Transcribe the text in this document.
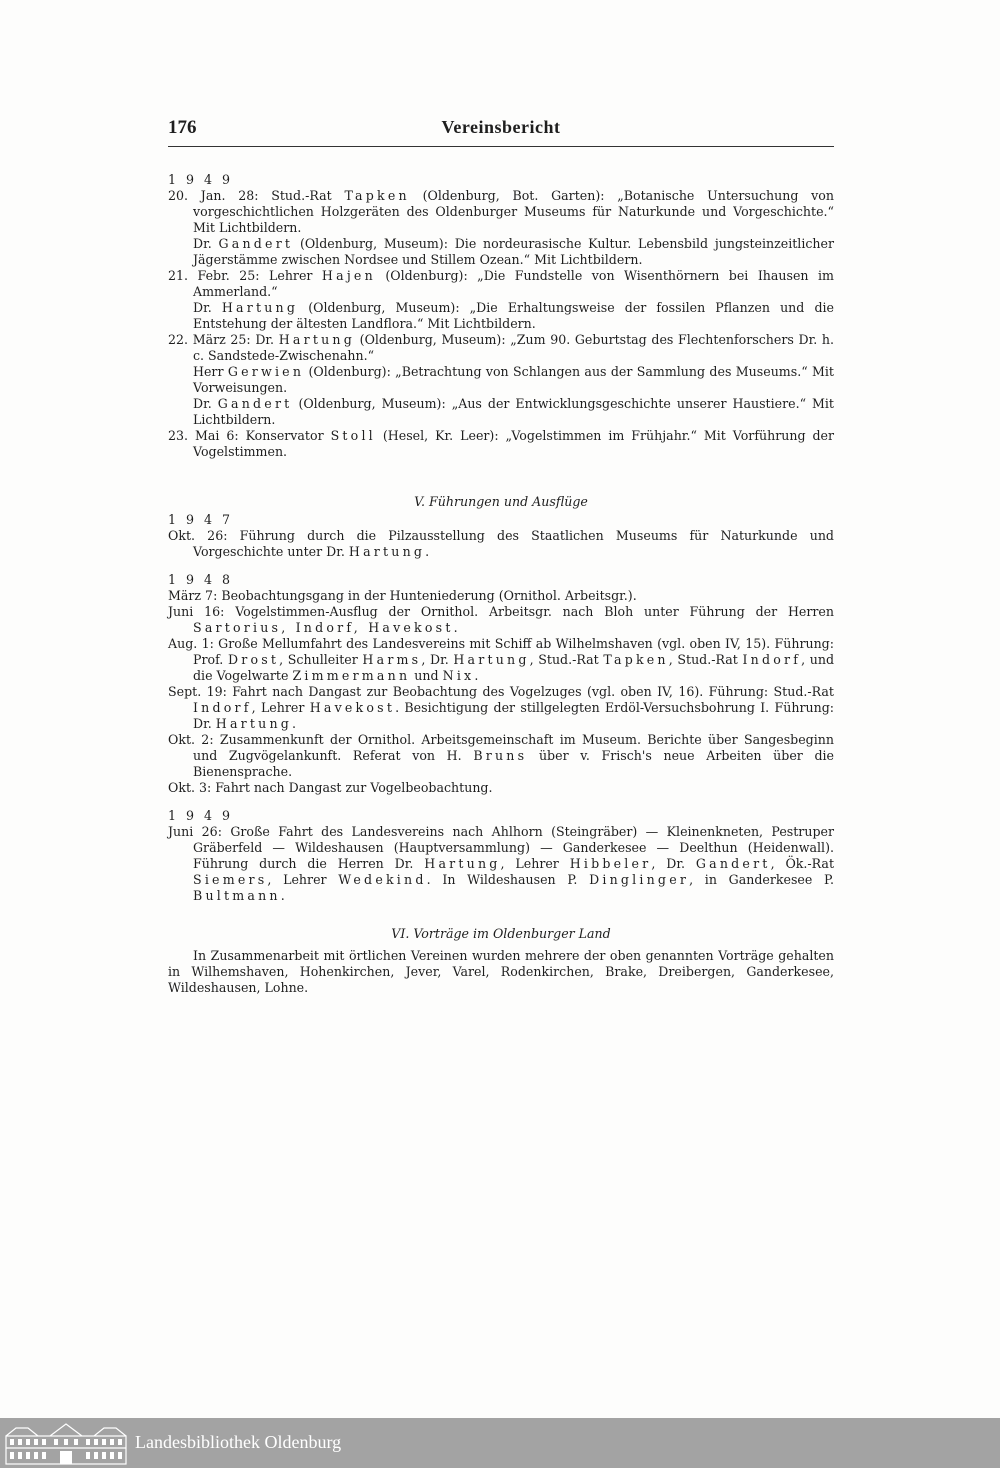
176	Vereinsbericht

1 9 4 9

20. Jan. 28: Stud.-Rat Tapken (Oldenburg, Bot. Garten): „Botanische Untersuchung von vorgeschichtlichen Holzgeräten des Oldenburger Museums für Naturkunde und Vorgeschichte.“ Mit Lichtbildern.

Dr. Gandert (Oldenburg, Museum): Die nordeurasische Kultur. Lebensbild jungsteinzeitlicher Jägerstämme zwischen Nordsee und Stillem Ozean.“ Mit Lichtbildern.

21. Febr. 25: Lehrer Hajen (Oldenburg): „Die Fundstelle von Wisenthörnern bei Ihausen im Ammerland.“

Dr. Hartung (Oldenburg, Museum): „Die Erhaltungsweise der fossilen Pflanzen und die Entstehung der ältesten Landflora.“ Mit Lichtbildern.

22. März 25: Dr. Hartung (Oldenburg, Museum): „Zum 90. Geburtstag des Flechtenforschers Dr. h. c. Sandstede-Zwischenahn.“

Herr Gerwien (Oldenburg): „Betrachtung von Schlangen aus der Sammlung des Museums.“ Mit Vorweisungen.

Dr. Gandert (Oldenburg, Museum): „Aus der Entwicklungsgeschichte unserer Haustiere.“ Mit Lichtbildern.

23. Mai 6: Konservator Stoll (Hesel, Kr. Leer): „Vogelstimmen im Frühjahr.“ Mit Vorführung der Vogelstimmen.

V. Führungen und Ausflüge

1 9 4 7

Okt. 26: Führung durch die Pilzausstellung des Staatlichen Museums für Naturkunde und Vorgeschichte unter Dr. Hartung.

1 9 4 8

März 7: Beobachtungsgang in der Hunteniederung (Ornithol. Arbeitsgr.).

Juni 16: Vogelstimmen-Ausflug der Ornithol. Arbeitsgr. nach Bloh unter Führung der Herren Sartorius, Indorf, Havekost.

Aug. 1: Große Mellumfahrt des Landesvereins mit Schiff ab Wilhelmshaven (vgl. oben IV, 15). Führung: Prof. Drost, Schulleiter Harms, Dr. Hartung, Stud.-Rat Tapken, Stud.-Rat Indorf, und die Vogelwarte Zimmermann und Nix.

Sept. 19: Fahrt nach Dangast zur Beobachtung des Vogelzuges (vgl. oben IV, 16). Führung: Stud.-Rat Indorf, Lehrer Havekost. Besichtigung der stillgelegten Erdöl-Versuchsbohrung I. Führung: Dr. Hartung.

Okt. 2: Zusammenkunft der Ornithol. Arbeitsgemeinschaft im Museum. Berichte über Sangesbeginn und Zugvögelankunft. Referat von H. Bruns über v. Frisch's neue Arbeiten über die Bienensprache.

Okt. 3: Fahrt nach Dangast zur Vogelbeobachtung.

1 9 4 9

Juni 26: Große Fahrt des Landesvereins nach Ahlhorn (Steingräber) — Kleinenkneten, Pestruper Gräberfeld — Wildeshausen (Hauptversammlung) — Ganderkesee — Deelthun (Heidenwall). Führung durch die Herren Dr. Hartung, Lehrer Hibbeler, Dr. Gandert, Ök.-Rat Siemers, Lehrer Wedekind. In Wildeshausen P. Dinglinger, in Ganderkesee P. Bultmann.

VI. Vorträge im Oldenburger Land

In Zusammenarbeit mit örtlichen Vereinen wurden mehrere der oben genannten Vorträge gehalten in Wilhemshaven, Hohenkirchen, Jever, Varel, Rodenkirchen, Brake, Dreibergen, Ganderkesee, Wildeshausen, Lohne.

Landesbibliothek Oldenburg
